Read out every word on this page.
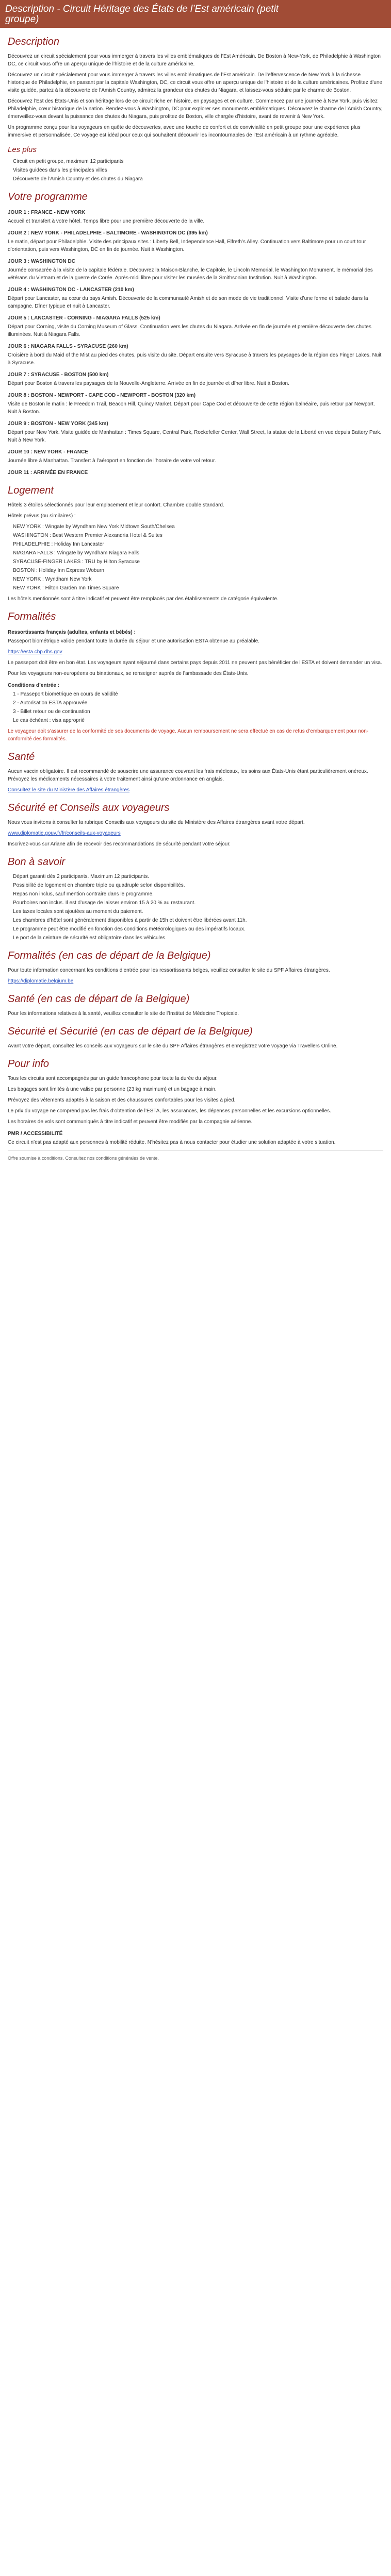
Description - Circuit Héritage des États de l’Est américain (petit
groupe)
Description

Découvrez un circuit spécialement pour vous immerger à travers les villes emblématiques de l’Est Américain. De Boston à New-York, de Philadelphie à Washington DC, ce circuit vous offre un aperçu unique de l’histoire et de la culture américaine.

Découvrez un circuit spécialement pour vous immerger à travers les villes emblématiques de l’Est américain. De l’effervescence de New York à la richesse historique de Philadelphie, en passant par la capitale Washington, DC, ce circuit vous offre un aperçu unique de l’histoire et de la culture américaines. Profitez d’une visite guidée, partez à la découverte de l’Amish Country, admirez la grandeur des chutes du Niagara, et laissez-vous séduire par le charme de Boston.

Découvrez l’Est des États-Unis et son héritage lors de ce circuit riche en histoire, en paysages et en culture. Commencez par une journée à New York, puis visitez Philadelphie, cœur historique de la nation. Rendez-vous à Washington, DC pour explorer ses monuments emblématiques. Découvrez le charme de l’Amish Country, émerveillez-vous devant la puissance des chutes du Niagara, puis profitez de Boston, ville chargée d’histoire, avant de revenir à New York.

Un programme conçu pour les voyageurs en quête de découvertes, avec une touche de confort et de convivialité en petit groupe pour une expérience plus immersive et personnalisée. Ce voyage est idéal pour ceux qui souhaitent découvrir les incontournables de l’Est américain à un rythme agréable.

Les plus
Circuit en petit groupe, maximum 12 participants
Visites guidées dans les principales villes
Découverte de l’Amish Country et des chutes du Niagara
Votre programme
JOUR 1 : FRANCE - NEW YORK

Accueil et transfert à votre hôtel. Temps libre pour une première découverte de la ville.

JOUR 2 : NEW YORK - PHILADELPHIE - BALTIMORE - WASHINGTON DC (395 km)

Le matin, départ pour Philadelphie. Visite des principaux sites : Liberty Bell, Independence Hall, Elfreth’s Alley. Continuation vers Baltimore pour un court tour d’orientation, puis vers Washington, DC en fin de journée. Nuit à Washington.

JOUR 3 : WASHINGTON DC

Journée consacrée à la visite de la capitale fédérale. Découvrez la Maison-Blanche, le Capitole, le Lincoln Memorial, le Washington Monument, le mémorial des vétérans du Vietnam et de la guerre de Corée. Après-midi libre pour visiter les musées de la Smithsonian Institution. Nuit à Washington.

JOUR 4 : WASHINGTON DC - LANCASTER (210 km)

Départ pour Lancaster, au cœur du pays Amish. Découverte de la communauté Amish et de son mode de vie traditionnel. Visite d’une ferme et balade dans la campagne. Dîner typique et nuit à Lancaster.

JOUR 5 : LANCASTER - CORNING - NIAGARA FALLS (525 km)

Départ pour Corning, visite du Corning Museum of Glass. Continuation vers les chutes du Niagara. Arrivée en fin de journée et première découverte des chutes illuminées. Nuit à Niagara Falls.

JOUR 6 : NIAGARA FALLS - SYRACUSE (260 km)

Croisière à bord du Maid of the Mist au pied des chutes, puis visite du site. Départ ensuite vers Syracuse à travers les paysages de la région des Finger Lakes. Nuit à Syracuse.

JOUR 7 : SYRACUSE - BOSTON (500 km)

Départ pour Boston à travers les paysages de la Nouvelle-Angleterre. Arrivée en fin de journée et dîner libre. Nuit à Boston.

JOUR 8 : BOSTON - NEWPORT - CAPE COD - NEWPORT - BOSTON (320 km)

Visite de Boston le matin : le Freedom Trail, Beacon Hill, Quincy Market. Départ pour Cape Cod et découverte de cette région balnéaire, puis retour par Newport. Nuit à Boston.

JOUR 9 : BOSTON - NEW YORK (345 km)

Départ pour New York. Visite guidée de Manhattan : Times Square, Central Park, Rockefeller Center, Wall Street, la statue de la Liberté en vue depuis Battery Park. Nuit à New York.

JOUR 10 : NEW YORK - FRANCE

Journée libre à Manhattan. Transfert à l’aéroport en fonction de l’horaire de votre vol retour.

JOUR 11 : ARRIVÉE EN FRANCE
Logement

Hôtels 3 étoiles sélectionnés pour leur emplacement et leur confort. Chambre double standard.

Hôtels prévus (ou similaires) :

NEW YORK : Wingate by Wyndham New York Midtown South/Chelsea
WASHINGTON : Best Western Premier Alexandria Hotel & Suites
PHILADELPHIE : Holiday Inn Lancaster
NIAGARA FALLS : Wingate by Wyndham Niagara Falls
SYRACUSE-FINGER LAKES : TRU by Hilton Syracuse
BOSTON : Holiday Inn Express Woburn
NEW YORK : Wyndham New York
NEW YORK : Hilton Garden Inn Times Square

Les hôtels mentionnés sont à titre indicatif et peuvent être remplacés par des établissements de catégorie équivalente.

Formalités
Ressortissants français (adultes, enfants et bébés) :

Passeport biométrique valide pendant toute la durée du séjour et une autorisation ESTA obtenue au préalable.

https://esta.cbp.dhs.gov

Le passeport doit être en bon état. Les voyageurs ayant séjourné dans certains pays depuis 2011 ne peuvent pas bénéficier de l’ESTA et doivent demander un visa.

Pour les voyageurs non-européens ou binationaux, se renseigner auprès de l’ambassade des États-Unis.

Conditions d’entrée :
1 - Passeport biométrique en cours de validité
2 - Autorisation ESTA approuvée
3 - Billet retour ou de continuation
Le cas échéant : visa approprié

Le voyageur doit s’assurer de la conformité de ses documents de voyage. Aucun remboursement ne sera effectué en cas de refus d’embarquement pour non-conformité des formalités.

Santé

Aucun vaccin obligatoire. Il est recommandé de souscrire une assurance couvrant les frais médicaux, les soins aux États-Unis étant particulièrement onéreux. Prévoyez les médicaments nécessaires à votre traitement ainsi qu’une ordonnance en anglais.

Consultez le site du Ministère des Affaires étrangères

Sécurité et Conseils aux voyageurs

Nous vous invitons à consulter la rubrique Conseils aux voyageurs du site du Ministère des Affaires étrangères avant votre départ.

www.diplomatie.gouv.fr/fr/conseils-aux-voyageurs

Inscrivez-vous sur Ariane afin de recevoir des recommandations de sécurité pendant votre séjour.

Bon à savoir
Départ garanti dès 2 participants. Maximum 12 participants.
Possibilité de logement en chambre triple ou quadruple selon disponibilités.
Repas non inclus, sauf mention contraire dans le programme.
Pourboires non inclus. Il est d’usage de laisser environ 15 à 20 % au restaurant.
Les taxes locales sont ajoutées au moment du paiement.
Les chambres d’hôtel sont généralement disponibles à partir de 15h et doivent être libérées avant 11h.
Le programme peut être modifié en fonction des conditions météorologiques ou des impératifs locaux.
Le port de la ceinture de sécurité est obligatoire dans les véhicules.
Formalités (en cas de départ de la Belgique)

Pour toute information concernant les conditions d’entrée pour les ressortissants belges, veuillez consulter le site du SPF Affaires étrangères.

https://diplomatie.belgium.be

Santé (en cas de départ de la Belgique)

Pour les informations relatives à la santé, veuillez consulter le site de l’Institut de Médecine Tropicale.

Sécurité et Sécurité (en cas de départ de la Belgique)

Avant votre départ, consultez les conseils aux voyageurs sur le site du SPF Affaires étrangères et enregistrez votre voyage via Travellers Online.

Pour info

Tous les circuits sont accompagnés par un guide francophone pour toute la durée du séjour.

Les bagages sont limités à une valise par personne (23 kg maximum) et un bagage à main.

Prévoyez des vêtements adaptés à la saison et des chaussures confortables pour les visites à pied.

Le prix du voyage ne comprend pas les frais d’obtention de l’ESTA, les assurances, les dépenses personnelles et les excursions optionnelles.

Les horaires de vols sont communiqués à titre indicatif et peuvent être modifiés par la compagnie aérienne.

PMR / ACCESSIBILITÉ

Ce circuit n’est pas adapté aux personnes à mobilité réduite. N’hésitez pas à nous contacter pour étudier une solution adaptée à votre situation.

Offre soumise à conditions. Consultez nos conditions générales de vente.
